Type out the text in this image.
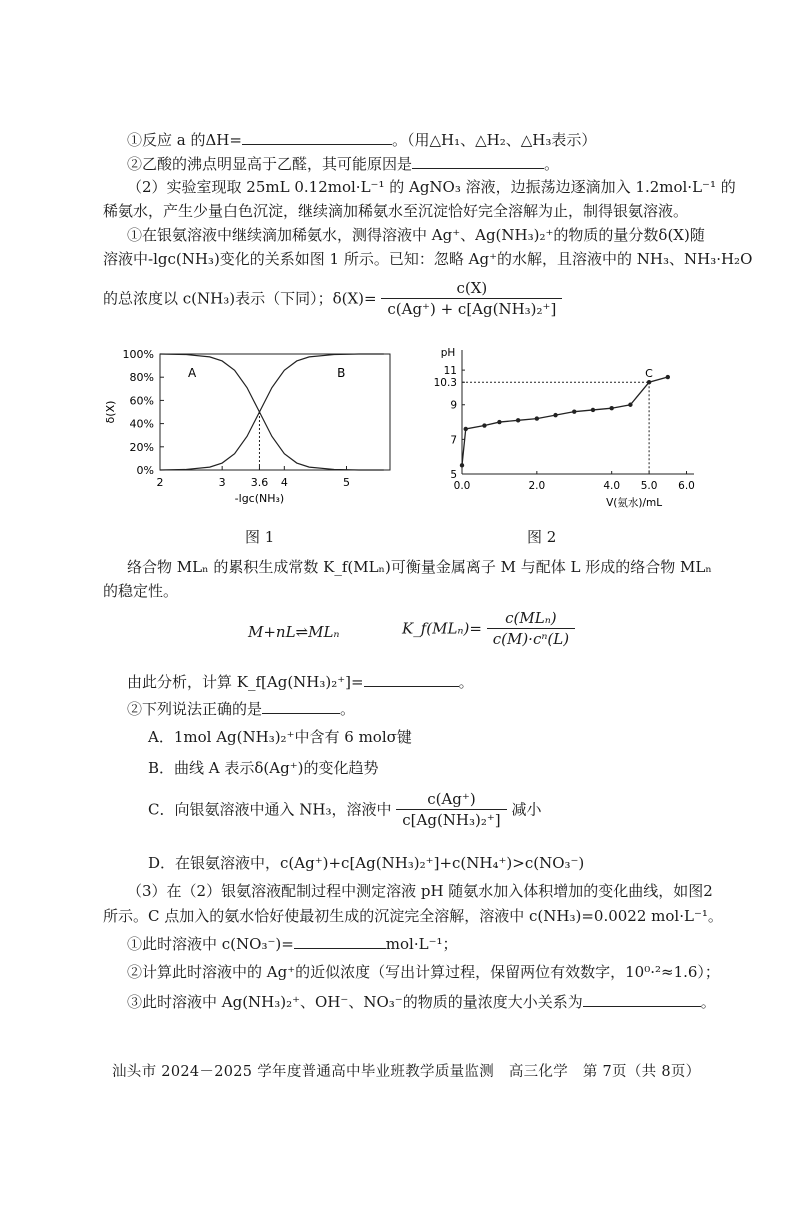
①反应 a 的ΔH=	。（用△H₁、△H₂、△H₃表示）
②乙酸的沸点明显高于乙醛，其可能原因是	。
（2）实验室现取 25mL 0.12mol·L⁻¹ 的 AgNO₃ 溶液，边振荡边逐滴加入 1.2mol·L⁻¹ 的
稀氨水，产生少量白色沉淀，继续滴加稀氨水至沉淀恰好完全溶解为止，制得银氨溶液。
①在银氨溶液中继续滴加稀氨水，测得溶液中 Ag⁺、Ag(NH₃)₂⁺的物质的量分数δ(X)随
溶液中-lgc(NH₃)变化的关系如图 1 所示。已知：忽略 Ag⁺的水解，且溶液中的 NH₃、NH₃·H₂O
的总浓度以 c(NH₃)表示（下同）；$\delta(X)= \frac{c(X)}{\text{c(Ag⁺) + c[Ag(NH₃)₂⁺]}}$
0%
20%
40%
60%
80%
100%
2	3 3.6 4	5
-lgc(NH₃)
δ(X)
A	B
图 1
5
7
9
10.3
11
0.0	2.0	4.0 5.0 6.0
pH
V(氨水)/mL
C
图 2
络合物 MLₙ 的累积生成常数 K_f(MLₙ)可衡量金属离子 M 与配体 L 形成的络合物 MLₙ
的稳定性。
M+nL⇌MLₙ	K_f(MLₙ)= $\frac{\text{c(MLₙ)}}{\text{c(M)·cⁿ(L)}}$
由此分析，计算 K_f[Ag(NH₃)₂⁺]=	。
②下列说法正确的是	。
A．1mol Ag(NH₃)₂⁺中含有 6 molσ键
B．曲线 A 表示δ(Ag⁺)的变化趋势
C．向银氨溶液中通入 NH₃，溶液中 $\frac{c(Ag^+)}{\text{c[Ag(NH₃)₂⁺]}}$ 减小
D．在银氨溶液中，c(Ag⁺)+c[Ag(NH₃)₂⁺]+c(NH₄⁺)>c(NO₃⁻)
（3）在（2）银氨溶液配制过程中测定溶液 pH 随氨水加入体积增加的变化曲线，如图2
所示。C 点加入的氨水恰好使最初生成的沉淀完全溶解，溶液中 c(NH₃)=0.0022 mol·L⁻¹。
①此时溶液中 c(NO₃⁻)=	mol·L⁻¹；
②计算此时溶液中的 Ag⁺的近似浓度（写出计算过程，保留两位有效数字，10⁰·²≈1.6）；
③此时溶液中 Ag(NH₃)₂⁺、OH⁻、NO₃⁻的物质的量浓度大小关系为	。
汕头市 2024－2025 学年度普通高中毕业班教学质量监测　高三化学　第 7页（共 8页）
